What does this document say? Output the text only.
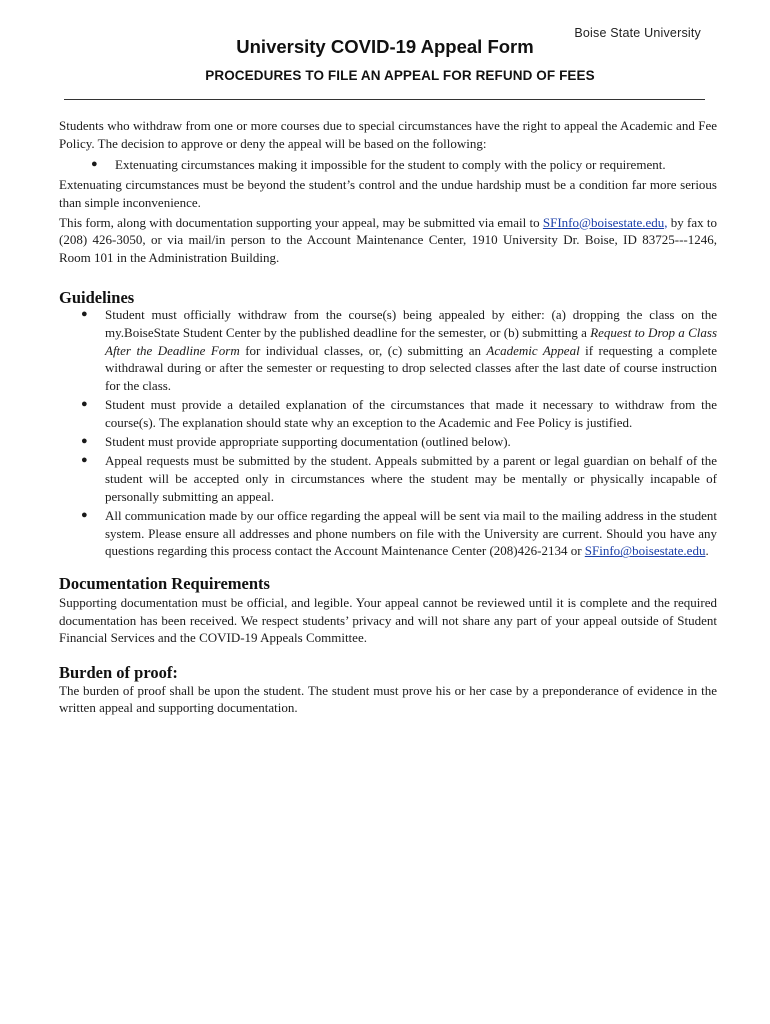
Boise State University
University COVID-19 Appeal Form
PROCEDURES TO FILE AN APPEAL FOR REFUND OF FEES

Students who withdraw from one or more courses due to special circumstances have the right to appeal the Academic and Fee Policy. The decision to approve or deny the appeal will be based on the following:

● Extenuating circumstances making it impossible for the student to comply with the policy or requirement.

Extenuating circumstances must be beyond the student’s control and the undue hardship must be a condition far more serious than simple inconvenience.

This form, along with documentation supporting your appeal, may be submitted via email to SFInfo@boisestate.edu, by fax to (208) 426-3050, or via mail/in person to the Account Maintenance Center, 1910 University Dr. Boise, ID 83725---1246, Room 101 in the Administration Building.

Guidelines
● Student must officially withdraw from the course(s) being appealed by either: (a) dropping the class on the my.BoiseState Student Center by the published deadline for the semester, or (b) submitting a Request to Drop a Class After the Deadline Form for individual classes, or, (c) submitting an Academic Appeal if requesting a complete withdrawal during or after the semester or requesting to drop selected classes after the last date of course instruction for the class.
● Student must provide a detailed explanation of the circumstances that made it necessary to withdraw from the course(s). The explanation should state why an exception to the Academic and Fee Policy is justified.
● Student must provide appropriate supporting documentation (outlined below).
● Appeal requests must be submitted by the student. Appeals submitted by a parent or legal guardian on behalf of the student will be accepted only in circumstances where the student may be mentally or physically incapable of personally submitting an appeal.
● All communication made by our office regarding the appeal will be sent via mail to the mailing address in the student system. Please ensure all addresses and phone numbers on file with the University are current. Should you have any questions regarding this process contact the Account Maintenance Center (208)426-2134 or SFinfo@boisestate.edu.
Documentation Requirements

Supporting documentation must be official, and legible. Your appeal cannot be reviewed until it is complete and the required documentation has been received. We respect students’ privacy and will not share any part of your appeal outside of Student Financial Services and the COVID-19 Appeals Committee.

Burden of proof:

The burden of proof shall be upon the student. The student must prove his or her case by a preponderance of evidence in the written appeal and supporting documentation.
